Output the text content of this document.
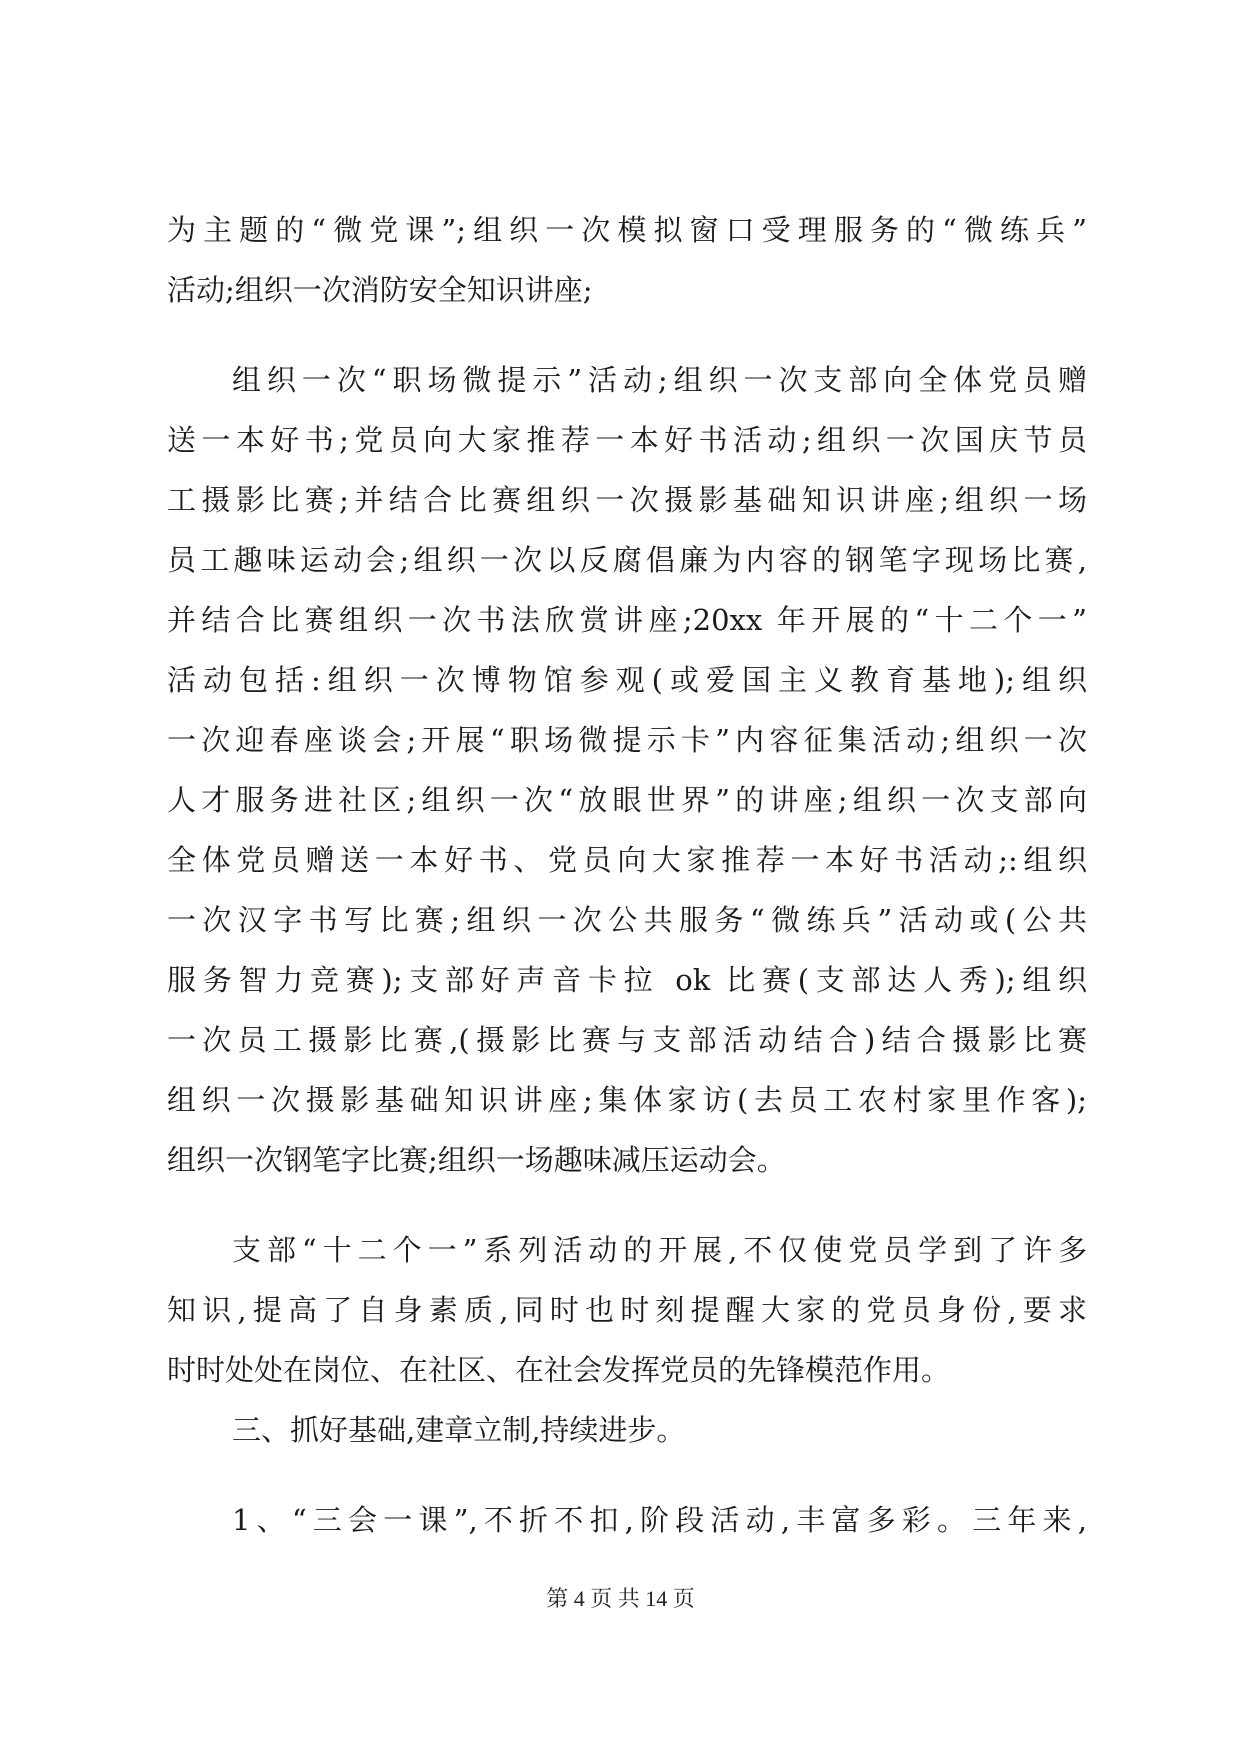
为主题的“微党课”;组织一次模拟窗口受理服务的“微练兵”
活动;组织一次消防安全知识讲座;
组织一次“职场微提示”活动;组织一次支部向全体党员赠
送一本好书;党员向大家推荐一本好书活动;组织一次国庆节员
工摄影比赛;并结合比赛组织一次摄影基础知识讲座;组织一场
员工趣味运动会;组织一次以反腐倡廉为内容的钢笔字现场比赛,
并结合比赛组织一次书法欣赏讲座;20xx 年开展的“十二个一”
活动包括:组织一次博物馆参观(或爱国主义教育基地);组织
一次迎春座谈会;开展“职场微提示卡”内容征集活动;组织一次
人才服务进社区;组织一次“放眼世界”的讲座;组织一次支部向
全体党员赠送一本好书、党员向大家推荐一本好书活动;:组织
一次汉字书写比赛;组织一次公共服务“微练兵”活动或(公共
服务智力竞赛);支部好声音卡拉 ok 比赛(支部达人秀);组织
一次员工摄影比赛,(摄影比赛与支部活动结合)结合摄影比赛
组织一次摄影基础知识讲座;集体家访(去员工农村家里作客);
组织一次钢笔字比赛;组织一场趣味减压运动会。
支部“十二个一”系列活动的开展,不仅使党员学到了许多
知识,提高了自身素质,同时也时刻提醒大家的党员身份,要求
时时处处在岗位、在社区、在社会发挥党员的先锋模范作用。
三、抓好基础,建章立制,持续进步。
1、“三会一课”,不折不扣,阶段活动,丰富多彩。三年来,
第 4 页 共 14 页
